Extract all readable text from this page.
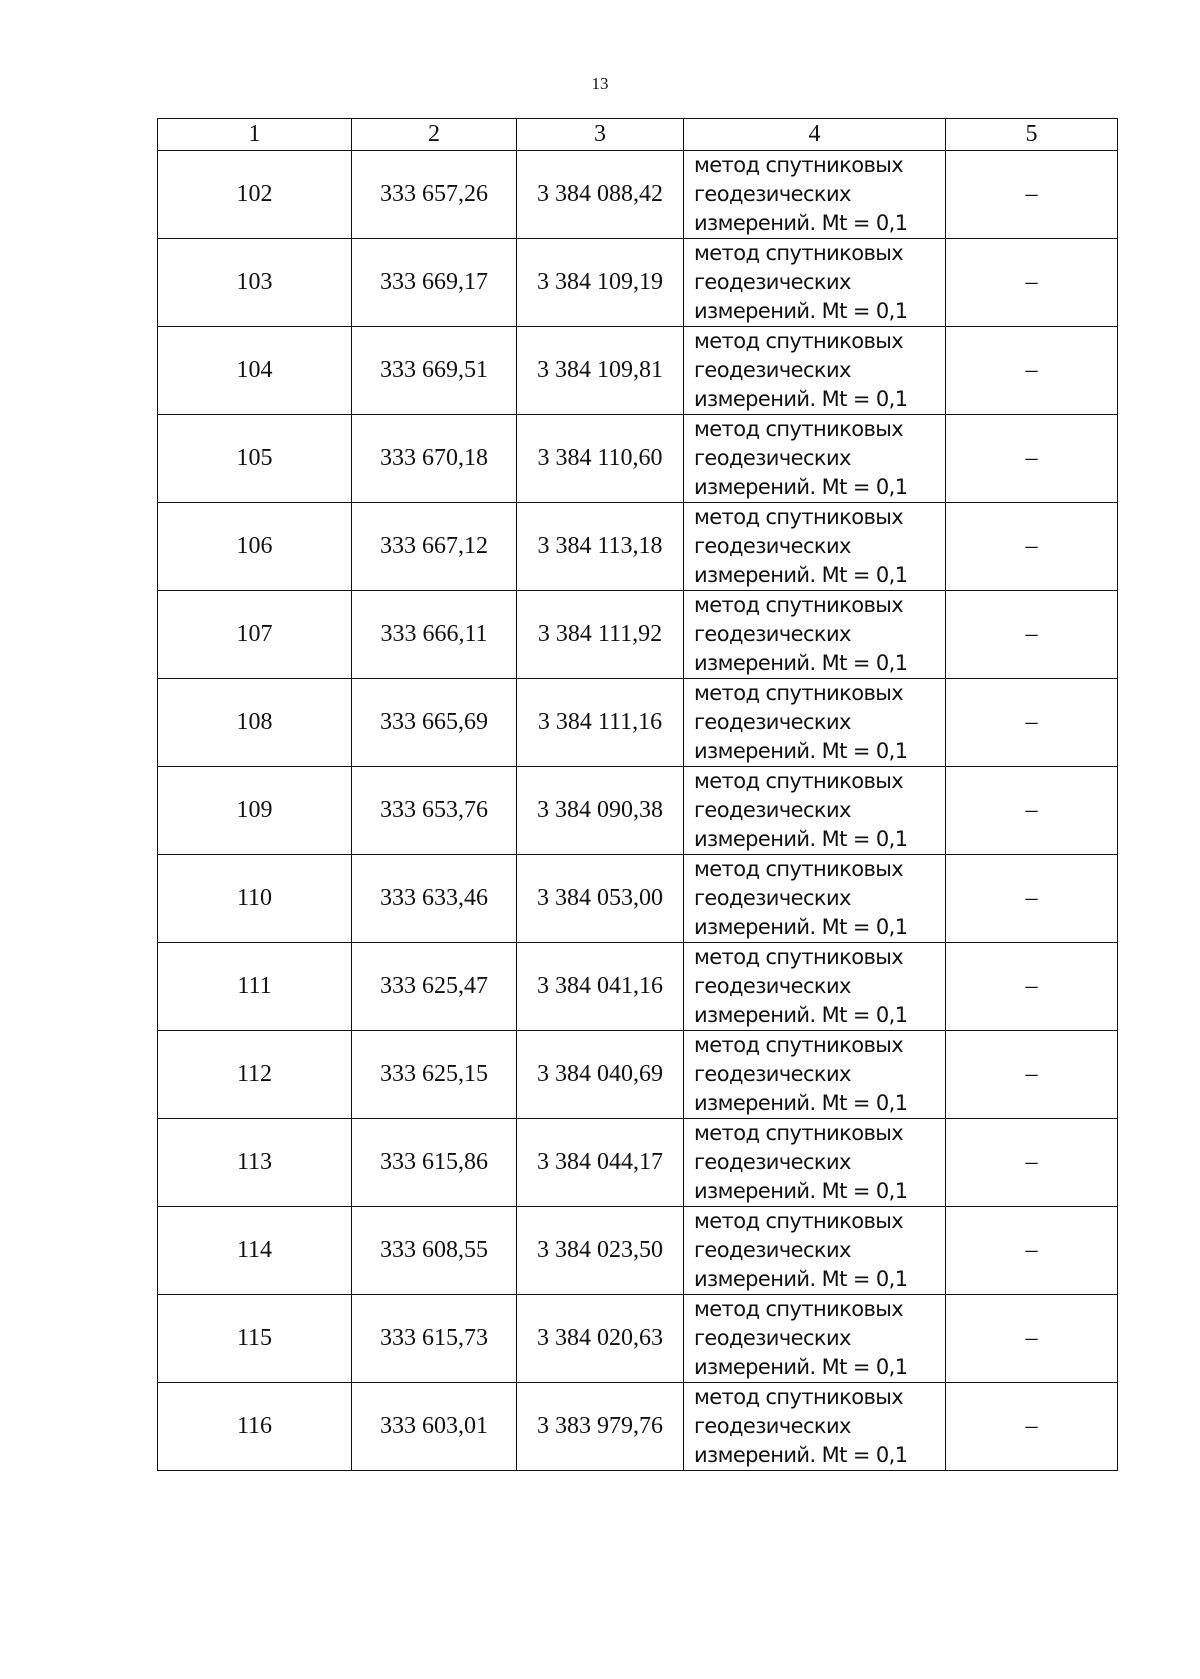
13
1	2	3	4	5
102	333 657,26	3 384 088,42	метод спутниковых
геодезических
измерений. Mt = 0,1	–
103	333 669,17	3 384 109,19	метод спутниковых
геодезических
измерений. Mt = 0,1	–
104	333 669,51	3 384 109,81	метод спутниковых
геодезических
измерений. Mt = 0,1	–
105	333 670,18	3 384 110,60	метод спутниковых
геодезических
измерений. Mt = 0,1	–
106	333 667,12	3 384 113,18	метод спутниковых
геодезических
измерений. Mt = 0,1	–
107	333 666,11	3 384 111,92	метод спутниковых
геодезических
измерений. Mt = 0,1	–
108	333 665,69	3 384 111,16	метод спутниковых
геодезических
измерений. Mt = 0,1	–
109	333 653,76	3 384 090,38	метод спутниковых
геодезических
измерений. Mt = 0,1	–
110	333 633,46	3 384 053,00	метод спутниковых
геодезических
измерений. Mt = 0,1	–
111	333 625,47	3 384 041,16	метод спутниковых
геодезических
измерений. Mt = 0,1	–
112	333 625,15	3 384 040,69	метод спутниковых
геодезических
измерений. Mt = 0,1	–
113	333 615,86	3 384 044,17	метод спутниковых
геодезических
измерений. Mt = 0,1	–
114	333 608,55	3 384 023,50	метод спутниковых
геодезических
измерений. Mt = 0,1	–
115	333 615,73	3 384 020,63	метод спутниковых
геодезических
измерений. Mt = 0,1	–
116	333 603,01	3 383 979,76	метод спутниковых
геодезических
измерений. Mt = 0,1	–
